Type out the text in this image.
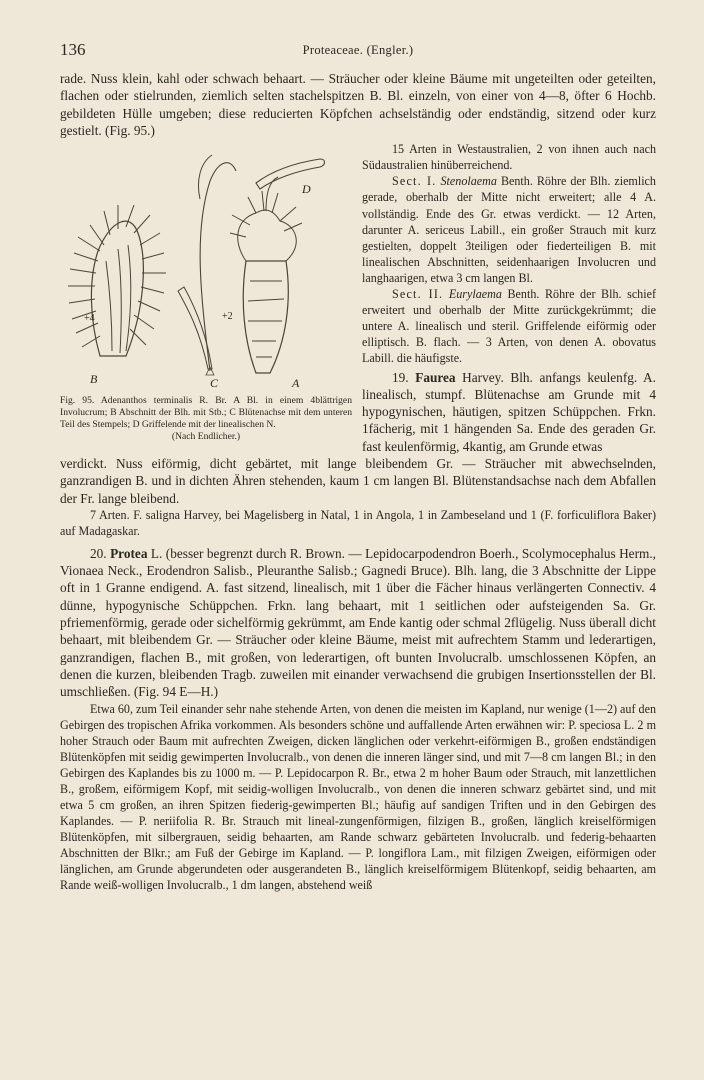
136	Proteaceae. (Engler.)

rade. Nuss klein, kahl oder schwach behaart. — Sträucher oder kleine Bäume mit ungeteilten oder geteilten, flachen oder stielrunden, ziemlich selten stachelspitzen B. Bl. einzeln, von einer von 4—8, öfter 6 Hochb. gebildeten Hülle umgeben; diese reducierten Köpfchen achselständig oder endständig, sitzend oder kurz gestielt. (Fig. 95.)

B	C	A
D
+4	+2
Fig. 95. Adenanthos terminalis R. Br. A Bl. in einem 4blättrigen Involucrum; B Abschnitt der Blh. mit Stb.; C Blütenachse mit dem unteren Teil des Stempels; D Griffelende mit der linealischen N.
(Nach Endlicher.)

15 Arten in Westaustralien, 2 von ihnen auch nach Südaustralien hinüberreichend.

Sect. I. Stenolaema Benth. Röhre der Blh. ziemlich gerade, oberhalb der Mitte nicht erweitert; alle 4 A. vollständig. Ende des Gr. etwas verdickt. — 12 Arten, darunter A. sericeus Labill., ein großer Strauch mit kurz gestielten, doppelt 3teiligen oder fiederteiligen B. mit linealischen Abschnitten, seidenhaarigen Involucren und langhaarigen, etwa 3 cm langen Bl.

Sect. II. Eurylaema Benth. Röhre der Blh. schief erweitert und oberhalb der Mitte zurückgekrümmt; die untere A. linealisch und steril. Griffelende eiförmig oder elliptisch. B. flach. — 3 Arten, von denen A. obovatus Labill. die häufigste.

19. Faurea Harvey. Blh. anfangs keulenfg. A. linealisch, stumpf. Blütenachse am Grunde mit 4 hypogynischen, häutigen, spitzen Schüppchen. Frkn. 1fächerig, mit 1 hängenden Sa. Ende des geraden Gr. fast keulenförmig, 4kantig, am Grunde etwas

verdickt. Nuss eiförmig, dicht gebärtet, mit lange bleibendem Gr. — Sträucher mit abwechselnden, ganzrandigen B. und in dichten Ähren stehenden, kaum 1 cm langen Bl. Blütenstandsachse nach dem Abfallen der Fr. lange bleibend.

7 Arten. F. saligna Harvey, bei Magelisberg in Natal, 1 in Angola, 1 in Zambeseland und 1 (F. forficuliflora Baker) auf Madagaskar.

20. Protea L. (besser begrenzt durch R. Brown. — Lepidocarpodendron Boerh., Scolymocephalus Herm., Vionaea Neck., Erodendron Salisb., Pleuranthe Salisb.; Gagnedi Bruce). Blh. lang, die 3 Abschnitte der Lippe oft in 1 Granne endigend. A. fast sitzend, linealisch, mit 1 über die Fächer hinaus verlängerten Connectiv. 4 dünne, hypogynische Schüppchen. Frkn. lang behaart, mit 1 seitlichen oder aufsteigenden Sa. Gr. pfriemenförmig, gerade oder sichelförmig gekrümmt, am Ende kantig oder schmal 2flügelig. Nuss überall dicht behaart, mit bleibendem Gr. — Sträucher oder kleine Bäume, meist mit aufrechtem Stamm und lederartigen, ganzrandigen, flachen B., mit großen, von lederartigen, oft bunten Involucralb. umschlossenen Köpfen, an denen die kurzen, bleibenden Tragb. zuweilen mit einander verwachsend die grubigen Insertionsstellen der Bl. umschließen. (Fig. 94 E—H.)

Etwa 60, zum Teil einander sehr nahe stehende Arten, von denen die meisten im Kapland, nur wenige (1—2) auf den Gebirgen des tropischen Afrika vorkommen. Als besonders schöne und auffallende Arten erwähnen wir: P. speciosa L. 2 m hoher Strauch oder Baum mit aufrechten Zweigen, dicken länglichen oder verkehrt-eiförmigen B., großen endständigen Blütenköpfen mit seidig gewimperten Involucralb., von denen die inneren länger sind, und mit 7—8 cm langen Bl.; in den Gebirgen des Kaplandes bis zu 1000 m. — P. Lepidocarpon R. Br., etwa 2 m hoher Baum oder Strauch, mit lanzettlichen B., großem, eiförmigem Kopf, mit seidig-wolligen Involucralb., von denen die inneren schwarz gebärtet sind, und mit etwa 5 cm großen, an ihren Spitzen fiederig-gewimperten Bl.; häufig auf sandigen Triften und in den Gebirgen des Kaplandes. — P. neriifolia R. Br. Strauch mit lineal-zungenförmigen, filzigen B., großen, länglich kreiselförmigen Blütenköpfen, mit silbergrauen, seidig behaarten, am Rande schwarz gebärteten Involucralb. und federig-behaarten Abschnitten der Blkr.; am Fuß der Gebirge im Kapland. — P. longiflora Lam., mit filzigen Zweigen, eiförmigen oder länglichen, am Grunde abgerundeten oder ausgerandeten B., länglich kreiselförmigem Blütenkopf, seidig behaarten, am Rande weiß-wolligen Involucralb., 1 dm langen, abstehend weiß
